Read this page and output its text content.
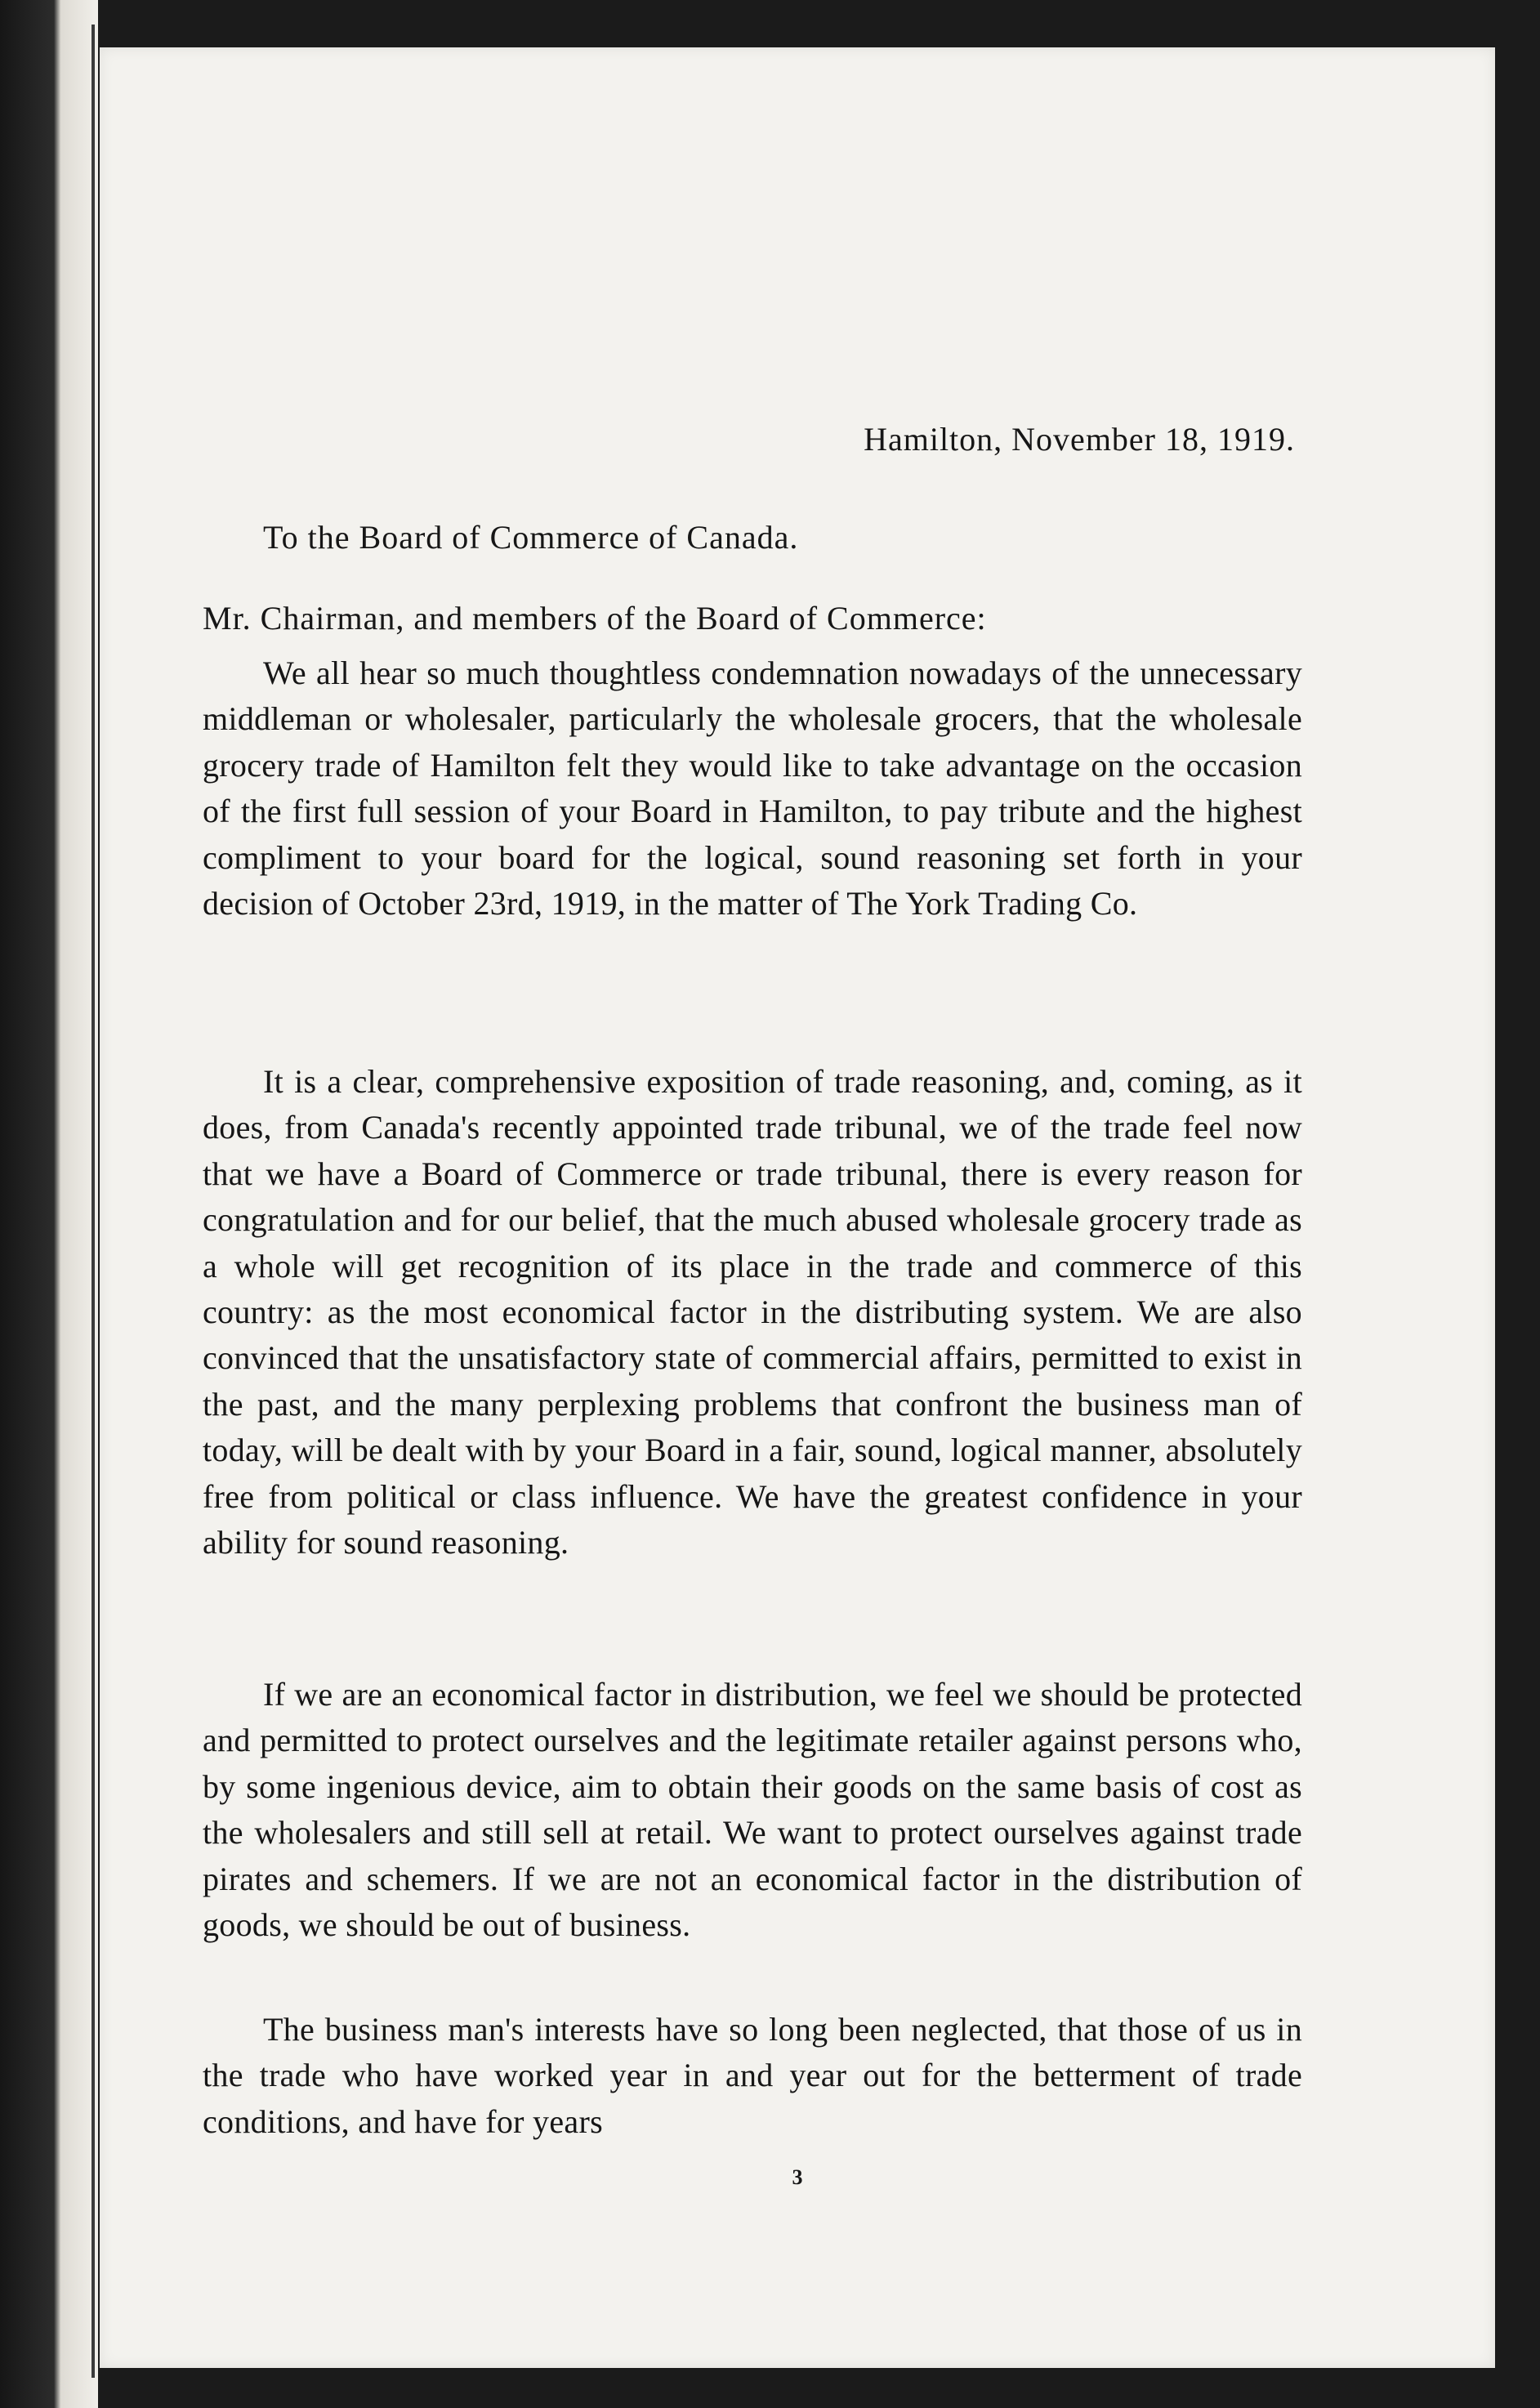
Hamilton, November 18, 1919.
To the Board of Commerce of Canada.
Mr. Chairman, and members of the Board of Commerce:

We all hear so much thoughtless condemnation nowadays of the unnecessary middleman or wholesaler, particularly the wholesale grocers, that the wholesale grocery trade of Hamilton felt they would like to take advantage on the occasion of the first full session of your Board in Hamilton, to pay tribute and the highest compliment to your board for the logical, sound reasoning set forth in your decision of October 23rd, 1919, in the matter of The York Trading Co.

It is a clear, comprehensive exposition of trade reasoning, and, coming, as it does, from Canada's recently appointed trade tribunal, we of the trade feel now that we have a Board of Commerce or trade tribunal, there is every reason for congratulation and for our belief, that the much abused wholesale grocery trade as a whole will get recognition of its place in the trade and commerce of this country: as the most economical factor in the distributing system. We are also convinced that the unsatisfactory state of commercial affairs, permitted to exist in the past, and the many perplexing problems that confront the business man of today, will be dealt with by your Board in a fair, sound, logical manner, absolutely free from political or class influence. We have the greatest confidence in your ability for sound reasoning.

If we are an economical factor in distribution, we feel we should be protected and permitted to protect ourselves and the legitimate retailer against persons who, by some ingenious device, aim to obtain their goods on the same basis of cost as the wholesalers and still sell at retail. We want to protect ourselves against trade pirates and schemers. If we are not an economical factor in the distribution of goods, we should be out of business.

The business man's interests have so long been neglected, that those of us in the trade who have worked year in and year out for the betterment of trade conditions, and have for years

3
